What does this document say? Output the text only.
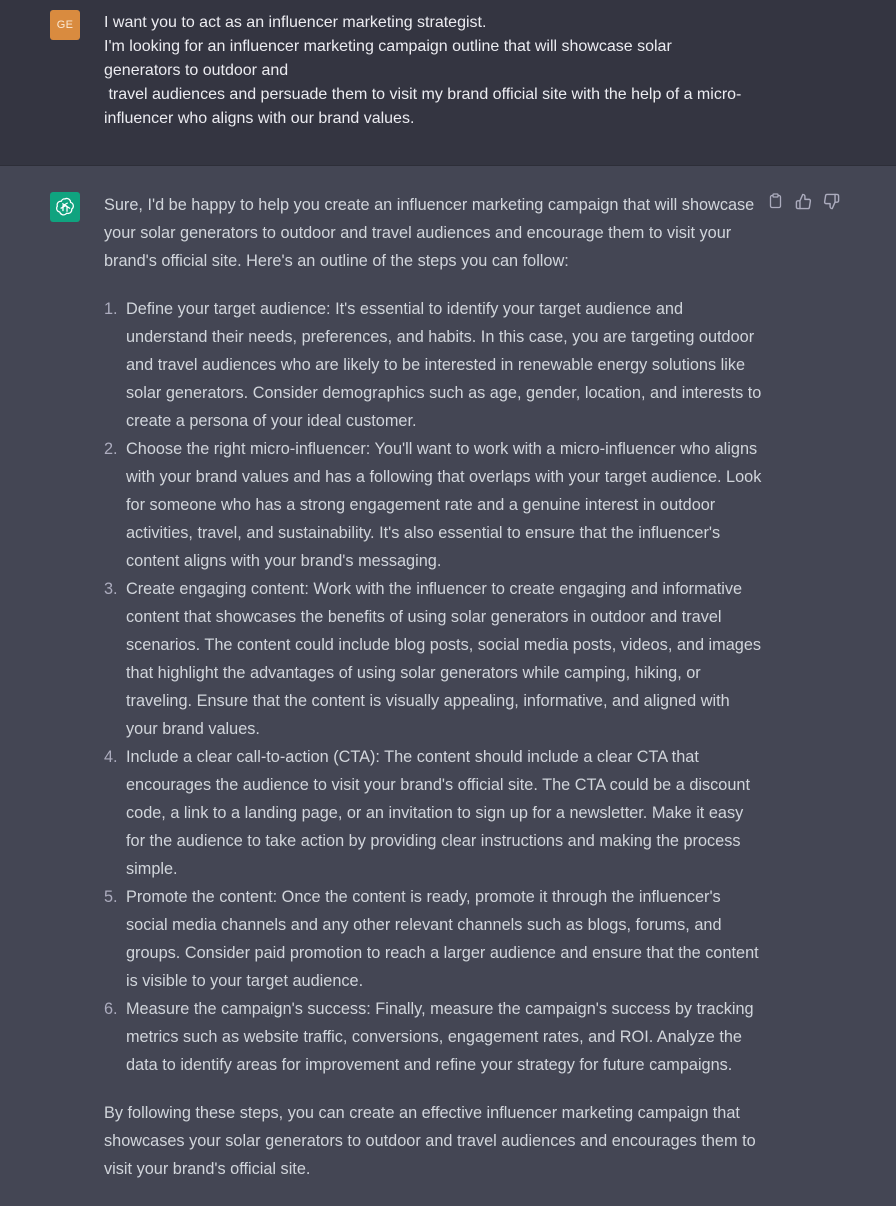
GE	I want you to act as an influencer marketing strategist.
I'm looking for an influencer marketing campaign outline that will showcase solar generators to outdoor and
travel audiences and persuade them to visit my brand official site with the help of a micro-influencer who aligns with our brand values.

Sure, I'd be happy to help you create an influencer marketing campaign that will showcase your solar generators to outdoor and travel audiences and encourage them to visit your brand's official site. Here's an outline of the steps you can follow:

1. Define your target audience: It's essential to identify your target audience and understand their needs, preferences, and habits. In this case, you are targeting outdoor and travel audiences who are likely to be interested in renewable energy solutions like solar generators. Consider demographics such as age, gender, location, and interests to create a persona of your ideal customer.
2. Choose the right micro-influencer: You'll want to work with a micro-influencer who aligns with your brand values and has a following that overlaps with your target audience. Look for someone who has a strong engagement rate and a genuine interest in outdoor activities, travel, and sustainability. It's also essential to ensure that the influencer's content aligns with your brand's messaging.
3. Create engaging content: Work with the influencer to create engaging and informative content that showcases the benefits of using solar generators in outdoor and travel scenarios. The content could include blog posts, social media posts, videos, and images that highlight the advantages of using solar generators while camping, hiking, or traveling. Ensure that the content is visually appealing, informative, and aligned with your brand values.
4. Include a clear call-to-action (CTA): The content should include a clear CTA that encourages the audience to visit your brand's official site. The CTA could be a discount code, a link to a landing page, or an invitation to sign up for a newsletter. Make it easy for the audience to take action by providing clear instructions and making the process simple.
5. Promote the content: Once the content is ready, promote it through the influencer's social media channels and any other relevant channels such as blogs, forums, and groups. Consider paid promotion to reach a larger audience and ensure that the content is visible to your target audience.
6. Measure the campaign's success: Finally, measure the campaign's success by tracking metrics such as website traffic, conversions, engagement rates, and ROI. Analyze the data to identify areas for improvement and refine your strategy for future campaigns.

By following these steps, you can create an effective influencer marketing campaign that showcases your solar generators to outdoor and travel audiences and encourages them to visit your brand's official site.
